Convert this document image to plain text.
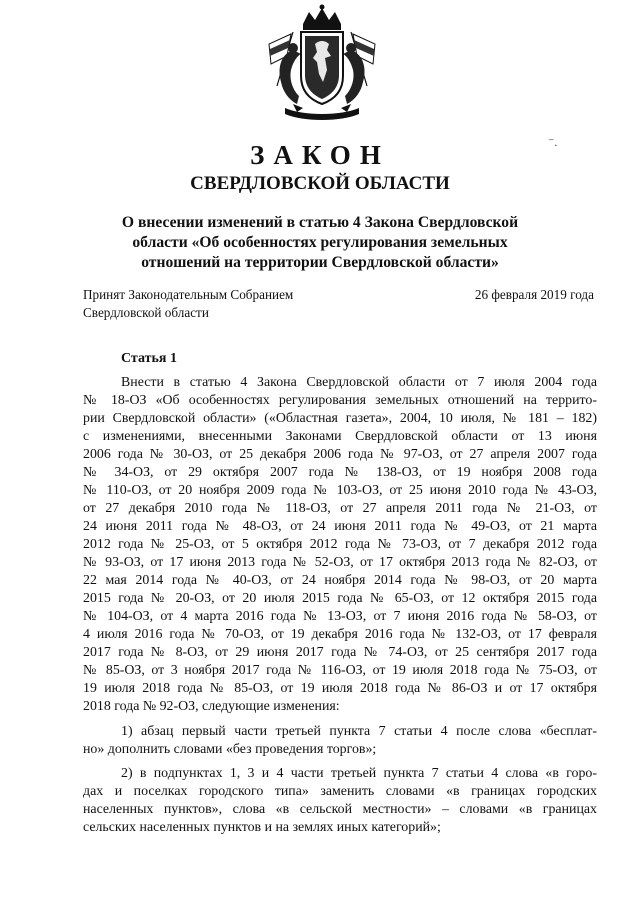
⁻.
ЗАКОН
СВЕРДЛОВСКОЙ ОБЛАСТИ
О внесении изменений в статью 4 Закона Свердловской
области «Об особенностях регулирования земельных
отношений на территории Свердловской области»
Принят Законодательным Собранием
Свердловской области
26 февраля 2019 года
Статья 1
Внести в статью 4 Закона Свердловской области от 7 июля 2004 года
№ 18-ОЗ «Об особенностях регулирования земельных отношений на террито-
рии Свердловской области» («Областная газета», 2004, 10 июля, № 181 – 182)
с изменениями, внесенными Законами Свердловской области от 13 июня
2006 года № 30-ОЗ, от 25 декабря 2006 года № 97-ОЗ, от 27 апреля 2007 года
№ 34-ОЗ, от 29 октября 2007 года № 138-ОЗ, от 19 ноября 2008 года
№ 110-ОЗ, от 20 ноября 2009 года № 103-ОЗ, от 25 июня 2010 года № 43-ОЗ,
от 27 декабря 2010 года № 118-ОЗ, от 27 апреля 2011 года № 21-ОЗ, от
24 июня 2011 года № 48-ОЗ, от 24 июня 2011 года № 49-ОЗ, от 21 марта
2012 года № 25-ОЗ, от 5 октября 2012 года № 73-ОЗ, от 7 декабря 2012 года
№ 93-ОЗ, от 17 июня 2013 года № 52-ОЗ, от 17 октября 2013 года № 82-ОЗ, от
22 мая 2014 года № 40-ОЗ, от 24 ноября 2014 года № 98-ОЗ, от 20 марта
2015 года № 20-ОЗ, от 20 июля 2015 года № 65-ОЗ, от 12 октября 2015 года
№ 104-ОЗ, от 4 марта 2016 года № 13-ОЗ, от 7 июня 2016 года № 58-ОЗ, от
4 июля 2016 года № 70-ОЗ, от 19 декабря 2016 года № 132-ОЗ, от 17 февраля
2017 года № 8-ОЗ, от 29 июня 2017 года № 74-ОЗ, от 25 сентября 2017 года
№ 85-ОЗ, от 3 ноября 2017 года № 116-ОЗ, от 19 июля 2018 года № 75-ОЗ, от
19 июля 2018 года № 85-ОЗ, от 19 июля 2018 года № 86-ОЗ и от 17 октября
2018 года № 92-ОЗ, следующие изменения:
1) абзац первый части третьей пункта 7 статьи 4 после слова «бесплат-
но» дополнить словами «без проведения торгов»;
2) в подпунктах 1, 3 и 4 части третьей пункта 7 статьи 4 слова «в горо-
дах и поселках городского типа» заменить словами «в границах городских
населенных пунктов», слова «в сельской местности» – словами «в границах
сельских населенных пунктов и на землях иных категорий»;
